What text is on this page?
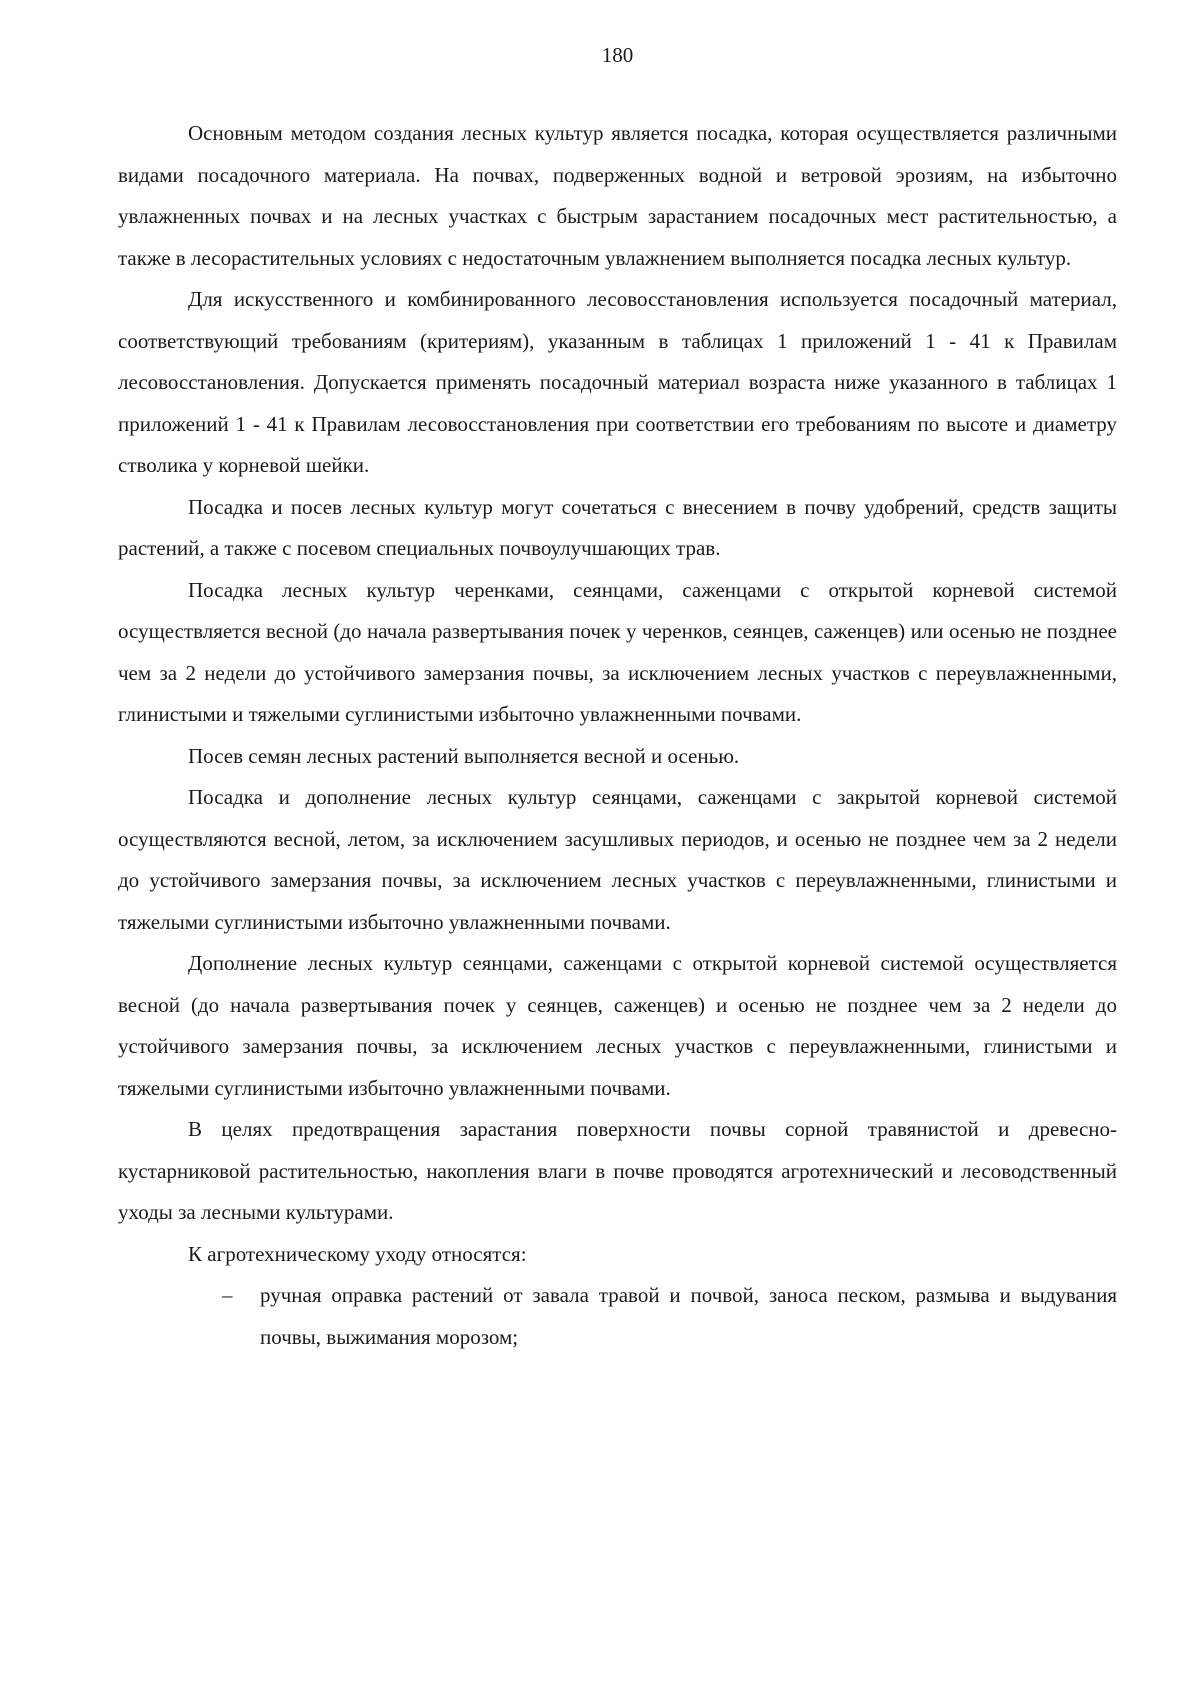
180

Основным методом создания лесных культур является посадка, которая осуществляется различными видами посадочного материала. На почвах, подверженных водной и ветровой эрозиям, на избыточно увлажненных почвах и на лесных участках с быстрым зарастанием посадочных мест растительностью, а также в лесорастительных условиях с недостаточным увлажнением выполняется посадка лесных культур.

Для искусственного и комбинированного лесовосстановления используется посадочный материал, соответствующий требованиям (критериям), указанным в таблицах 1 приложений 1 - 41 к Правилам лесовосстановления. Допускается применять посадочный материал возраста ниже указанного в таблицах 1 приложений 1 - 41 к Правилам лесовосстановления при соответствии его требованиям по высоте и диаметру стволика у корневой шейки.

Посадка и посев лесных культур могут сочетаться с внесением в почву удобрений, средств защиты растений, а также с посевом специальных почвоулучшающих трав.

Посадка лесных культур черенками, сеянцами, саженцами с открытой корневой системой осуществляется весной (до начала развертывания почек у черенков, сеянцев, саженцев) или осенью не позднее чем за 2 недели до устойчивого замерзания почвы, за исключением лесных участков с переувлажненными, глинистыми и тяжелыми суглинистыми избыточно увлажненными почвами.

Посев семян лесных растений выполняется весной и осенью.

Посадка и дополнение лесных культур сеянцами, саженцами с закрытой корневой системой осуществляются весной, летом, за исключением засушливых периодов, и осенью не позднее чем за 2 недели до устойчивого замерзания почвы, за исключением лесных участков с переувлажненными, глинистыми и тяжелыми суглинистыми избыточно увлажненными почвами.

Дополнение лесных культур сеянцами, саженцами с открытой корневой системой осуществляется весной (до начала развертывания почек у сеянцев, саженцев) и осенью не позднее чем за 2 недели до устойчивого замерзания почвы, за исключением лесных участков с переувлажненными, глинистыми и тяжелыми суглинистыми избыточно увлажненными почвами.

В целях предотвращения зарастания поверхности почвы сорной травянистой и древесно-кустарниковой растительностью, накопления влаги в почве проводятся агротехнический и лесоводственный уходы за лесными культурами.

К агротехническому уходу относятся:

– ручная оправка растений от завала травой и почвой, заноса песком, размыва и выдувания почвы, выжимания морозом;
